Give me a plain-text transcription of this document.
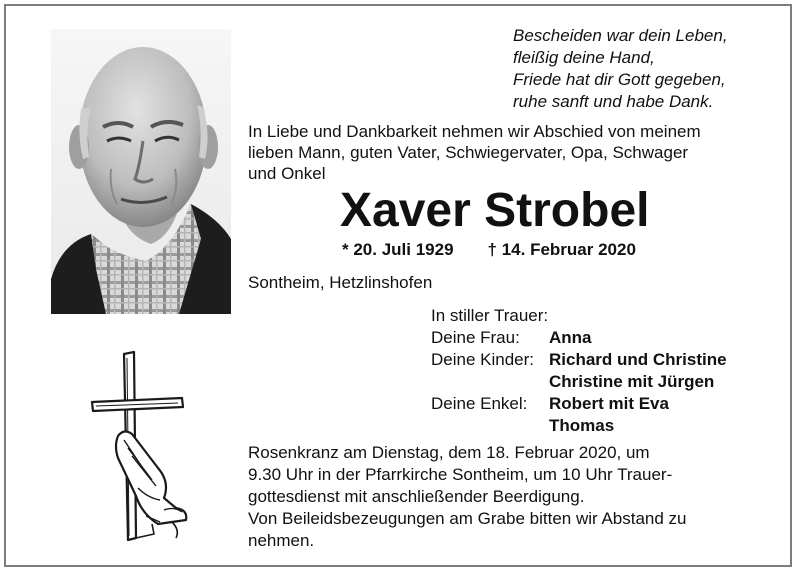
Bescheiden war dein Leben,
fleißig deine Hand,
Friede hat dir Gott gegeben,
ruhe sanft und habe Dank.
In Liebe und Dankbarkeit nehmen wir Abschied von meinem
lieben Mann, guten Vater, Schwiegervater, Opa, Schwager
und Onkel
Xaver Strobel
* 20. Juli 1929 † 14. Februar 2020
Sontheim, Hetzlinshofen
In stiller Trauer:
Deine Frau: Anna
Deine Kinder: Richard und Christine
Christine mit Jürgen
Deine Enkel: Robert mit Eva
Thomas
Rosenkranz am Dienstag, dem 18. Februar 2020, um
9.30 Uhr in der Pfarrkirche Sontheim, um 10 Uhr Trauer-
gottesdienst mit anschließender Beerdigung.
Von Beileidsbezeugungen am Grabe bitten wir Abstand zu
nehmen.
